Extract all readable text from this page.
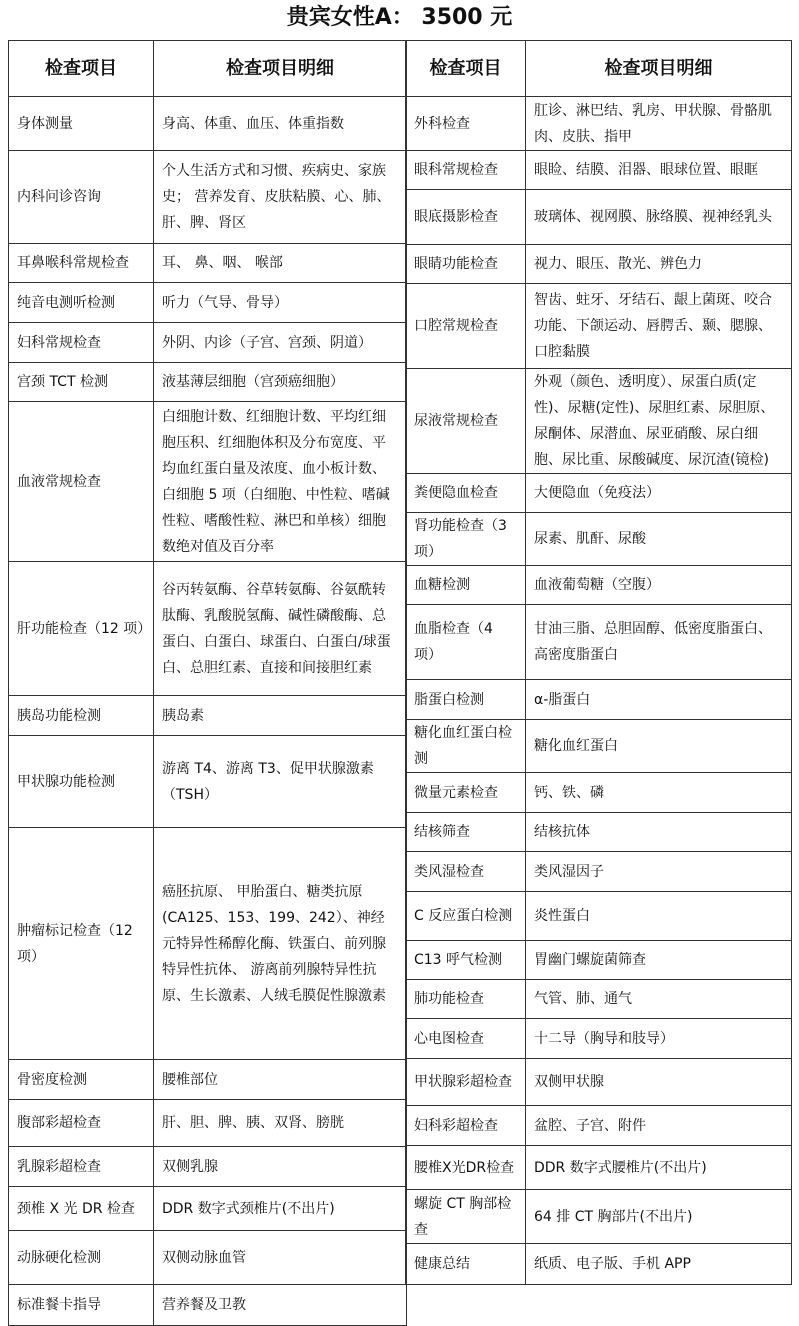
贵宾女性A： 3500 元
检查项目	检查项目明细
身体测量	身高、体重、血压、体重指数
内科问诊咨询	个人生活方式和习惯、疾病史、家族史； 营养发育、皮肤粘膜、心、肺、肝、脾、肾区
耳鼻喉科常规检查	耳、 鼻、咽、 喉部
纯音电测听检测	听力（气导、骨导）
妇科常规检查	外阴、内诊（子宫、宫颈、阴道）
宫颈 TCT 检测	液基薄层细胞（宫颈癌细胞）
血液常规检查	白细胞计数、红细胞计数、平均红细胞压积、红细胞体积及分布宽度、平均血红蛋白量及浓度、血小板计数、白细胞 5 项（白细胞、中性粒、嗜碱性粒、嗜酸性粒、淋巴和单核）细胞数绝对值及百分率
肝功能检查（12 项）	谷丙转氨酶、谷草转氨酶、谷氨酰转肽酶、乳酸脱氢酶、碱性磷酸酶、总蛋白、白蛋白、球蛋白、白蛋白/球蛋白、总胆红素、直接和间接胆红素
胰岛功能检测	胰岛素
甲状腺功能检测	游离 T4、游离 T3、促甲状腺激素（TSH）
肿瘤标记检查（12 项）	癌胚抗原、 甲胎蛋白、糖类抗原(CA125、153、199、242）、神经元特异性稀醇化酶、铁蛋白、前列腺特异性抗体、 游离前列腺特异性抗原、生长激素、人绒毛膜促性腺激素
骨密度检测	腰椎部位
腹部彩超检查	肝、胆、脾、胰、双肾、膀胱
乳腺彩超检查	双侧乳腺
颈椎 X 光 DR 检查	DDR 数字式颈椎片(不出片)
动脉硬化检测	双侧动脉血管
标准餐卡指导	营养餐及卫教
检查项目	检查项目明细
外科检查	肛诊、淋巴结、乳房、甲状腺、骨骼肌肉、皮肤、指甲
眼科常规检查	眼睑、结膜、泪器、眼球位置、眼眶
眼底摄影检查	玻璃体、视网膜、脉络膜、视神经乳头
眼睛功能检查	视力、眼压、散光、辨色力
口腔常规检查	智齿、蛀牙、牙结石、龈上菌斑、咬合功能、下颌运动、唇腭舌、颞、腮腺、口腔黏膜
尿液常规检查	外观（颜色、透明度）、尿蛋白质(定性)、尿糖(定性)、尿胆红素、尿胆原、尿酮体、尿潜血、尿亚硝酸、尿白细胞、尿比重、尿酸碱度、尿沉渣(镜检)
粪便隐血检查	大便隐血（免疫法）
肾功能检查（3 项）	尿素、肌酐、尿酸
血糖检测	血液葡萄糖（空腹）
血脂检查（4 项）	甘油三脂、总胆固醇、低密度脂蛋白、高密度脂蛋白
脂蛋白检测	α-脂蛋白
糖化血红蛋白检测	糖化血红蛋白
微量元素检查	钙、铁、磷
结核筛查	结核抗体
类风湿检查	类风湿因子
C 反应蛋白检测	炎性蛋白
C13 呼气检测	胃幽门螺旋菌筛查
肺功能检查	气管、肺、通气
心电图检查	十二导（胸导和肢导）
甲状腺彩超检查	双侧甲状腺
妇科彩超检查	盆腔、子宫、附件
腰椎X光DR检查	DDR 数字式腰椎片(不出片)
螺旋 CT 胸部检查	64 排 CT 胸部片(不出片)
健康总结	纸质、电子版、手机 APP
